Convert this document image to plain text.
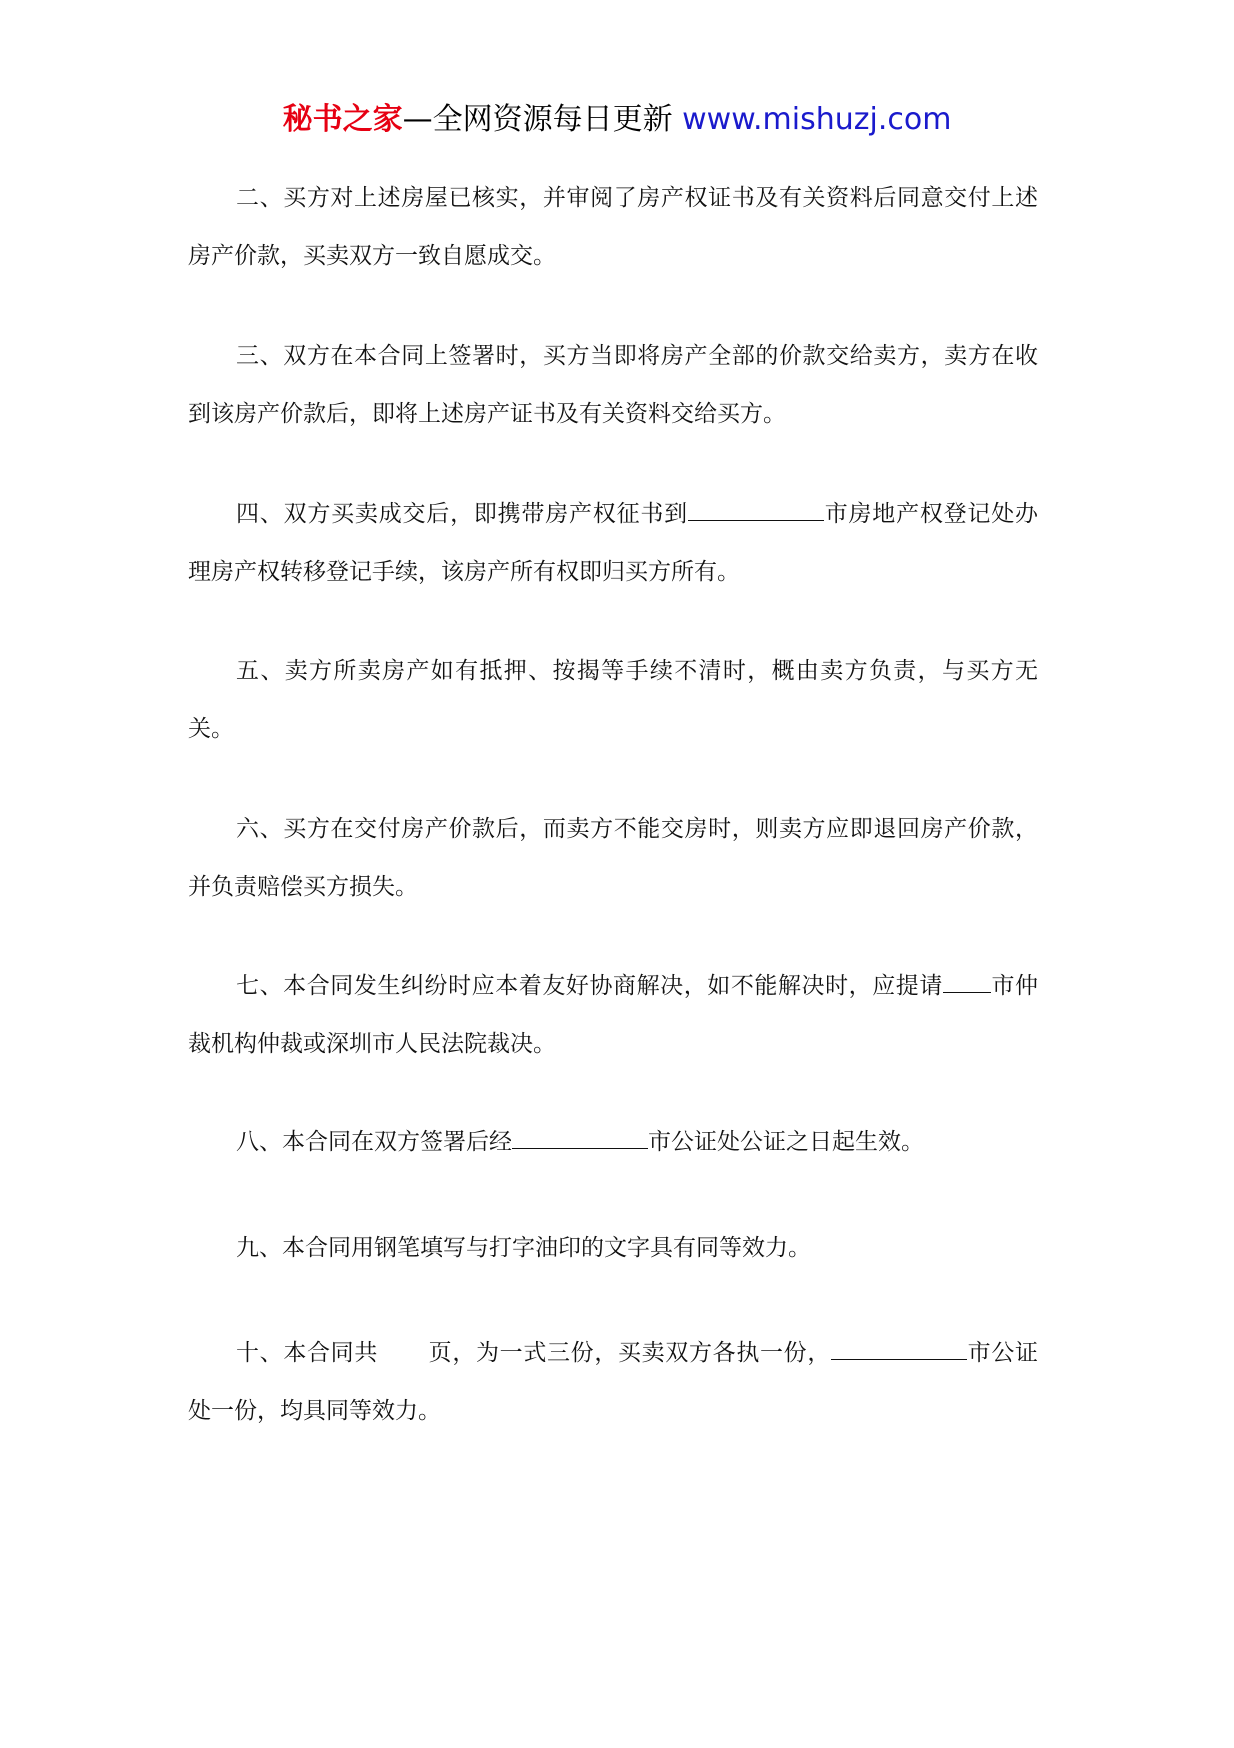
秘书之家—全网资源每日更新 www.mishuzj.com

二、买方对上述房屋已核实，并审阅了房产权证书及有关资料后同意交付上述房产价款，买卖双方一致自愿成交。

三、双方在本合同上签署时，买方当即将房产全部的价款交给卖方，卖方在收到该房产价款后，即将上述房产证书及有关资料交给买方。

四、双方买卖成交后，即携带房产权征书到	市房地产权登记处办理房产权转移登记手续，该房产所有权即归买方所有。

五、卖方所卖房产如有抵押、按揭等手续不清时，概由卖方负责，与买方无关。

六、买方在交付房产价款后，而卖方不能交房时，则卖方应即退回房产价款，并负责赔偿买方损失。

七、本合同发生纠纷时应本着友好协商解决，如不能解决时，应提请 市仲裁机构仲裁或深圳市人民法院裁决。

八、本合同在双方签署后经	市公证处公证之日起生效。

九、本合同用钢笔填写与打字油印的文字具有同等效力。

十、本合同共 页，为一式三份，买卖双方各执一份，	市公证处一份，均具同等效力。
